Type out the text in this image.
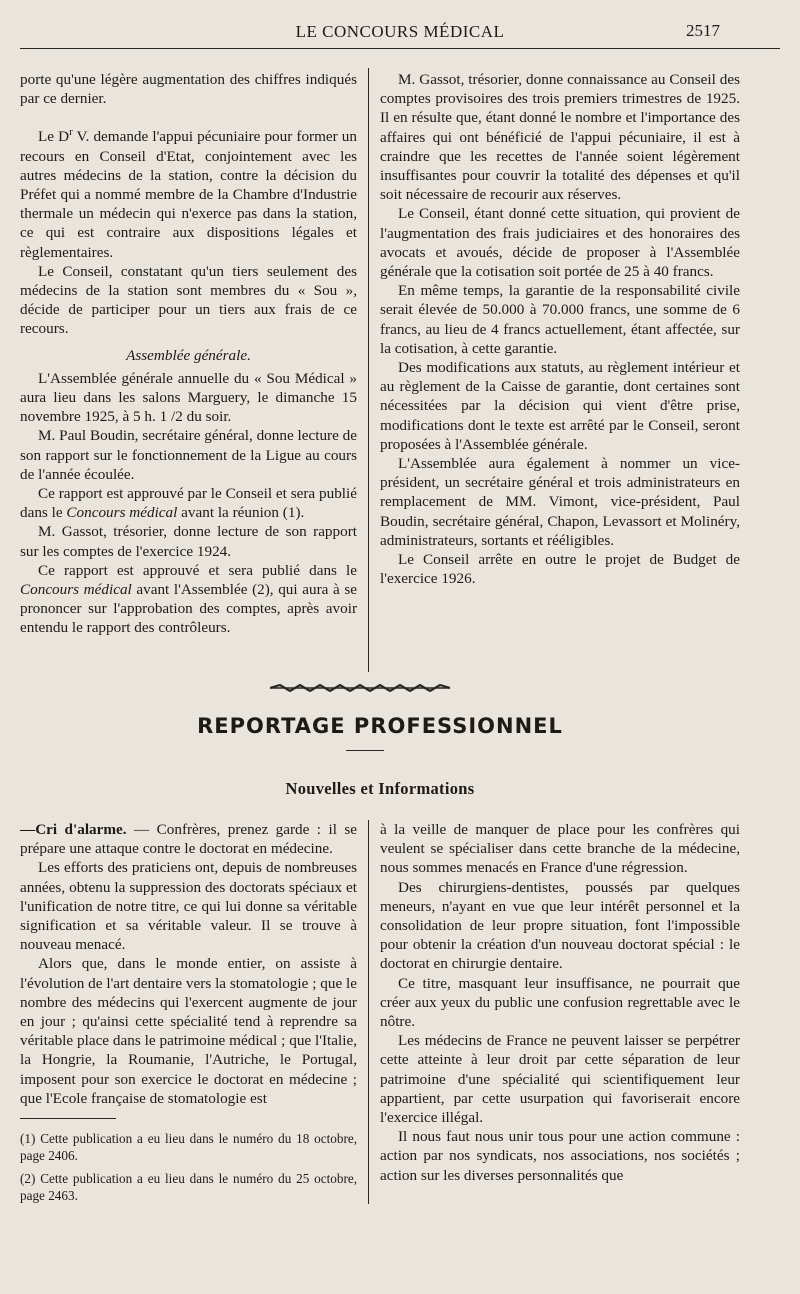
LE CONCOURS MÉDICAL	2517

porte qu'une légère augmentation des chiffres indiqués par ce dernier.

Le $D^r$ V. demande l'appui pécuniaire pour former un recours en Conseil d'Etat, conjointement avec les autres médecins de la station, contre la décision du Préfet qui a nommé membre de la Chambre d'Industrie thermale un médecin qui n'exerce pas dans la station, ce qui est contraire aux dispositions légales et règlementaires.

Le Conseil, constatant qu'un tiers seulement des médecins de la station sont membres du « Sou », décide de participer pour un tiers aux frais de ce recours.

Assemblée générale.

L'Assemblée générale annuelle du « Sou Médical » aura lieu dans les salons Marguery, le dimanche 15 novembre 1925, à 5 h. 1 /2 du soir.

M. Paul Boudin, secrétaire général, donne lecture de son rapport sur le fonctionnement de la Ligue au cours de l'année écoulée.

Ce rapport est approuvé par le Conseil et sera publié dans le Concours médical avant la réunion (1).

M. Gassot, trésorier, donne lecture de son rapport sur les comptes de l'exercice 1924.

Ce rapport est approuvé et sera publié dans le Concours médical avant l'Assemblée (2), qui aura à se prononcer sur l'approbation des comptes, après avoir entendu le rapport des contrôleurs.

M. Gassot, trésorier, donne connaissance au Conseil des comptes provisoires des trois premiers trimestres de 1925. Il en résulte que, étant donné le nombre et l'importance des affaires qui ont bénéficié de l'appui pécuniaire, il est à craindre que les recettes de l'année soient légèrement insuffisantes pour couvrir la totalité des dépenses et qu'il soit nécessaire de recourir aux réserves.

Le Conseil, étant donné cette situation, qui provient de l'augmentation des frais judiciaires et des honoraires des avocats et avoués, décide de proposer à l'Assemblée générale que la cotisation soit portée de 25 à 40 francs.

En même temps, la garantie de la responsabilité civile serait élevée de 50.000 à 70.000 francs, une somme de 6 francs, au lieu de 4 francs actuellement, étant affectée, sur la cotisation, à cette garantie.

Des modifications aux statuts, au règlement intérieur et au règlement de la Caisse de garantie, dont certaines sont nécessitées par la décision qui vient d'être prise, modifications dont le texte est arrêté par le Conseil, seront proposées à l'Assemblée générale.

L'Assemblée aura également à nommer un vice-président, un secrétaire général et trois administrateurs en remplacement de MM. Vimont, vice-président, Paul Boudin, secrétaire général, Chapon, Levassort et Molinéry, administrateurs, sortants et rééligibles.

Le Conseil arrête en outre le projet de Budget de l'exercice 1926.

REPORTAGE PROFESSIONNEL
Nouvelles et Informations

—Cri d'alarme. — Confrères, prenez garde : il se prépare une attaque contre le doctorat en médecine.

Les efforts des praticiens ont, depuis de nombreuses années, obtenu la suppression des doctorats spéciaux et l'unification de notre titre, ce qui lui donne sa véritable signification et sa véritable valeur. Il se trouve à nouveau menacé.

Alors que, dans le monde entier, on assiste à l'évolution de l'art dentaire vers la stomatologie ; que le nombre des médecins qui l'exercent augmente de jour en jour ; qu'ainsi cette spécialité tend à reprendre sa véritable place dans le patrimoine médical ; que l'Italie, la Hongrie, la Roumanie, l'Autriche, le Portugal, imposent pour son exercice le doctorat en médecine ; que l'Ecole française de stomatologie est

à la veille de manquer de place pour les confrères qui veulent se spécialiser dans cette branche de la médecine, nous sommes menacés en France d'une régression.

Des chirurgiens-dentistes, poussés par quelques meneurs, n'ayant en vue que leur intérêt personnel et la consolidation de leur propre situation, font l'impossible pour obtenir la création d'un nouveau doctorat spécial : le doctorat en chirurgie dentaire.

Ce titre, masquant leur insuffisance, ne pourrait que créer aux yeux du public une confusion regrettable avec le nôtre.

Les médecins de France ne peuvent laisser se perpétrer cette atteinte à leur droit par cette séparation de leur patrimoine d'une spécialité qui scientifiquement leur appartient, par cette usurpation qui favoriserait encore l'exercice illégal.

Il nous faut nous unir tous pour une action commune : action par nos syndicats, nos associations, nos sociétés ; action sur les diverses personnalités que

(1) Cette publication a eu lieu dans le numéro du 18 octobre, page 2406.

(2) Cette publication a eu lieu dans le numéro du 25 octobre, page 2463.
